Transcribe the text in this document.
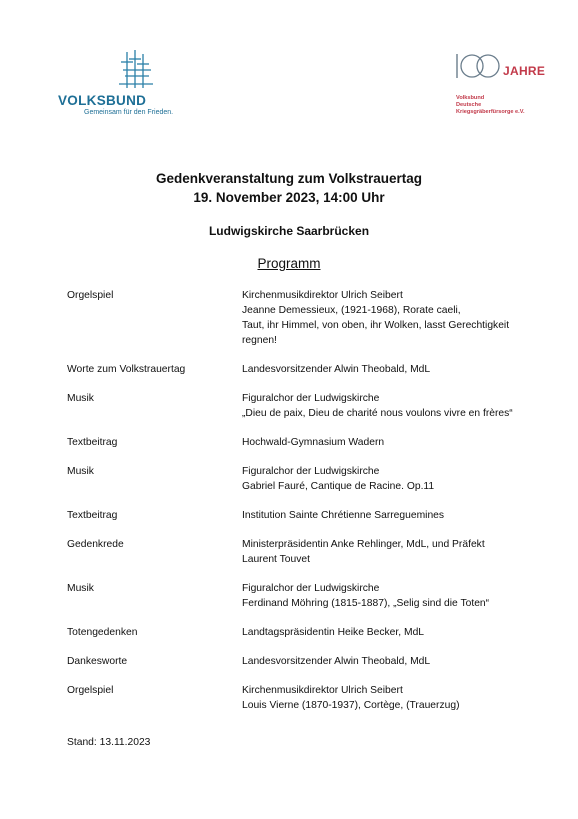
VOLKSBUND
Gemeinsam für den Frieden.
JAHRE
Volksbund
Deutsche
Kriegsgräberfürsorge e.V.
Gedenkveranstaltung zum Volkstrauertag
19. November 2023, 14:00 Uhr
Ludwigskirche Saarbrücken
Programm
Orgelspiel	Kirchenmusikdirektor Ulrich Seibert
Jeanne Demessieux, (1921-1968), Rorate caeli,
Taut, ihr Himmel, von oben, ihr Wolken, lasst Gerechtigkeit
regnen!
Worte zum Volkstrauertag	Landesvorsitzender Alwin Theobald, MdL
Musik	Figuralchor der Ludwigskirche
„Dieu de paix, Dieu de charité nous voulons vivre en frères“
Textbeitrag	Hochwald-Gymnasium Wadern
Musik	Figuralchor der Ludwigskirche
Gabriel Fauré, Cantique de Racine. Op.11
Textbeitrag	Institution Sainte Chrétienne Sarreguemines
Gedenkrede	Ministerpräsidentin Anke Rehlinger, MdL, und Präfekt
Laurent Touvet
Musik	Figuralchor der Ludwigskirche
Ferdinand Möhring (1815-1887), „Selig sind die Toten“
Totengedenken	Landtagspräsidentin Heike Becker, MdL
Dankesworte	Landesvorsitzender Alwin Theobald, MdL
Orgelspiel	Kirchenmusikdirektor Ulrich Seibert
Louis Vierne (1870-1937), Cortège, (Trauerzug)
Stand: 13.11.2023
